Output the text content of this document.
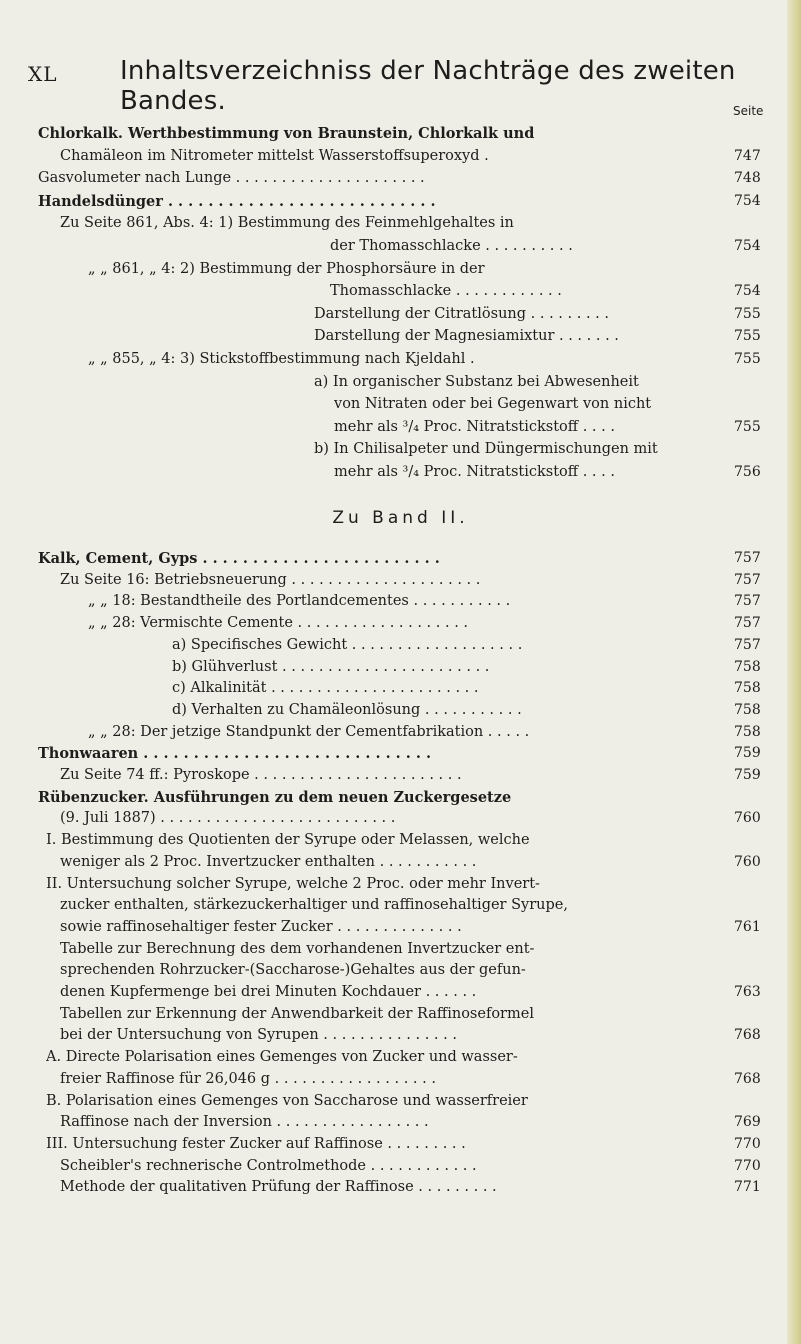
XL Inhaltsverzeichniss der Nachträge des zweiten Bandes.	Seite
Chlorkalk. Werthbestimmung von Braunstein, Chlorkalk und
Chamäleon im Nitrometer mittelst Wasserstoffsuperoxyd .	747
Gasvolumeter nach Lunge . . . . . . . . . . . . . . . . . . . . .	748
Handelsdünger . . . . . . . . . . . . . . . . . . . . . . . . . . .	754
Zu Seite 861, Abs. 4: 1) Bestimmung des Feinmehlgehaltes in
der Thomasschlacke . . . . . . . . . .	754
„ „ 861, „ 4: 2) Bestimmung der Phosphorsäure in der
Thomasschlacke . . . . . . . . . . . .	754
Darstellung der Citratlösung . . . . . . . . .	755
Darstellung der Magnesiamixtur . . . . . . .	755
„ „ 855, „ 4: 3) Stickstoffbestimmung nach Kjeldahl .	755
a) In organischer Substanz bei Abwesenheit
von Nitraten oder bei Gegenwart von nicht
mehr als ³/₄ Proc. Nitratstickstoff . . . .	755
b) In Chilisalpeter und Düngermischungen mit
mehr als ³/₄ Proc. Nitratstickstoff . . . .	756
Zu Band II.
Kalk, Cement, Gyps . . . . . . . . . . . . . . . . . . . . . . . .	757
Zu Seite 16: Betriebsneuerung . . . . . . . . . . . . . . . . . . . . .	757
„ „ 18: Bestandtheile des Portlandcementes . . . . . . . . . . .	757
„ „ 28: Vermischte Cemente . . . . . . . . . . . . . . . . . . .	757
a) Specifisches Gewicht . . . . . . . . . . . . . . . . . . .	757
b) Glühverlust . . . . . . . . . . . . . . . . . . . . . . .	758
c) Alkalinität . . . . . . . . . . . . . . . . . . . . . . .	758
d) Verhalten zu Chamäleonlösung . . . . . . . . . . .	758
„ „ 28: Der jetzige Standpunkt der Cementfabrikation . . . . .	758
Thonwaaren . . . . . . . . . . . . . . . . . . . . . . . . . . . . .	759
Zu Seite 74 ff.: Pyroskope . . . . . . . . . . . . . . . . . . . . . . .	759
Rübenzucker. Ausführungen zu dem neuen Zuckergesetze
(9. Juli 1887) . . . . . . . . . . . . . . . . . . . . . . . . . .	760
I. Bestimmung des Quotienten der Syrupe oder Melassen, welche
weniger als 2 Proc. Invertzucker enthalten . . . . . . . . . . .	760
II. Untersuchung solcher Syrupe, welche 2 Proc. oder mehr Invert-
zucker enthalten, stärkezuckerhaltiger und raffinosehaltiger Syrupe,
sowie raffinosehaltiger fester Zucker . . . . . . . . . . . . . .	761
Tabelle zur Berechnung des dem vorhandenen Invertzucker ent-
sprechenden Rohrzucker-(Saccharose-)Gehaltes aus der gefun-
denen Kupfermenge bei drei Minuten Kochdauer . . . . . .	763
Tabellen zur Erkennung der Anwendbarkeit der Raffinoseformel
bei der Untersuchung von Syrupen . . . . . . . . . . . . . . .	768
A. Directe Polarisation eines Gemenges von Zucker und wasser-
freier Raffinose für 26,046 g . . . . . . . . . . . . . . . . . .	768
B. Polarisation eines Gemenges von Saccharose und wasserfreier
Raffinose nach der Inversion . . . . . . . . . . . . . . . . .	769
III. Untersuchung fester Zucker auf Raffinose . . . . . . . . .	770
Scheibler's rechnerische Controlmethode . . . . . . . . . . . .	770
Methode der qualitativen Prüfung der Raffinose . . . . . . . . .	771
